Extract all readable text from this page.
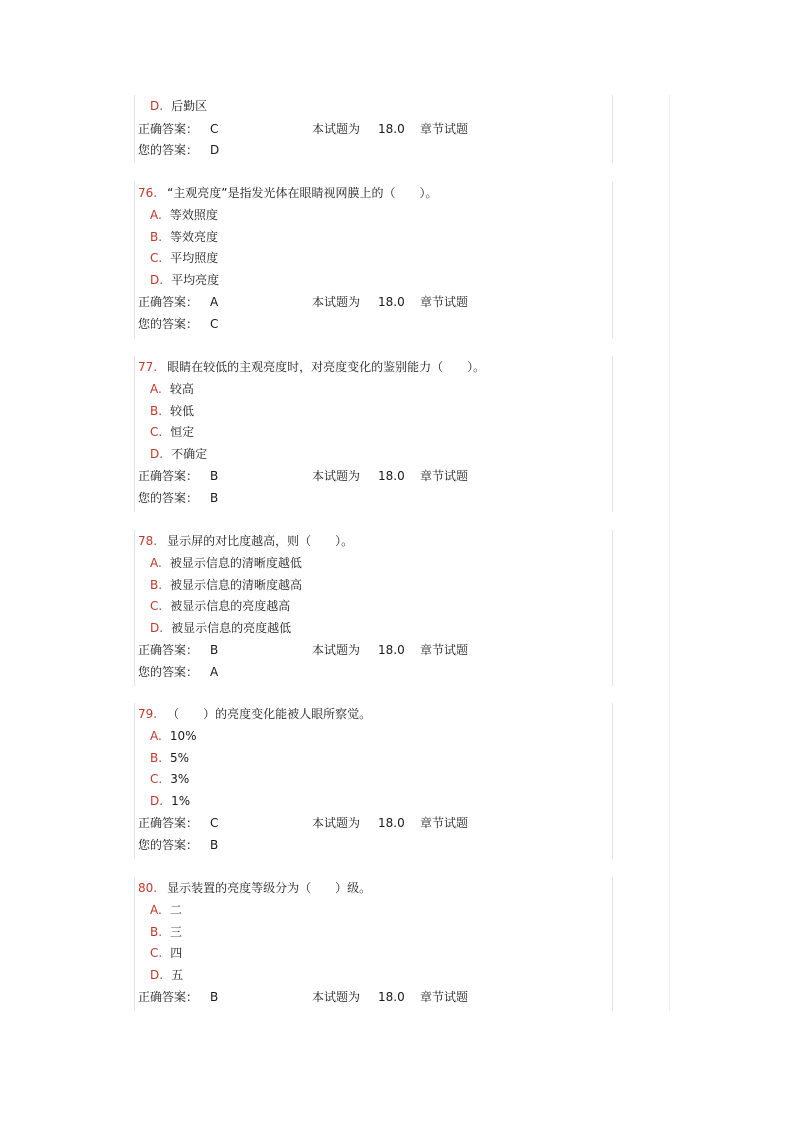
D. 后勤区
正确答案： C	本试题为 18.0 章节试题
您的答案： D
76. “主观亮度”是指发光体在眼睛视网膜上的（　　）。
A. 等效照度
B. 等效亮度
C. 平均照度
D. 平均亮度
正确答案： A	本试题为 18.0 章节试题
您的答案： C
77. 眼睛在较低的主观亮度时，对亮度变化的鉴别能力（　　）。
A. 较高
B. 较低
C. 恒定
D. 不确定
正确答案： B	本试题为 18.0 章节试题
您的答案： B
78. 显示屏的对比度越高，则（　　）。
A. 被显示信息的清晰度越低
B. 被显示信息的清晰度越高
C. 被显示信息的亮度越高
D. 被显示信息的亮度越低
正确答案： B	本试题为 18.0 章节试题
您的答案： A
79. （　　）的亮度变化能被人眼所察觉。
A. 10%
B. 5%
C. 3%
D. 1%
正确答案： C	本试题为 18.0 章节试题
您的答案： B
80. 显示装置的亮度等级分为（　　）级。
A. 二
B. 三
C. 四
D. 五
正确答案： B	本试题为 18.0 章节试题
